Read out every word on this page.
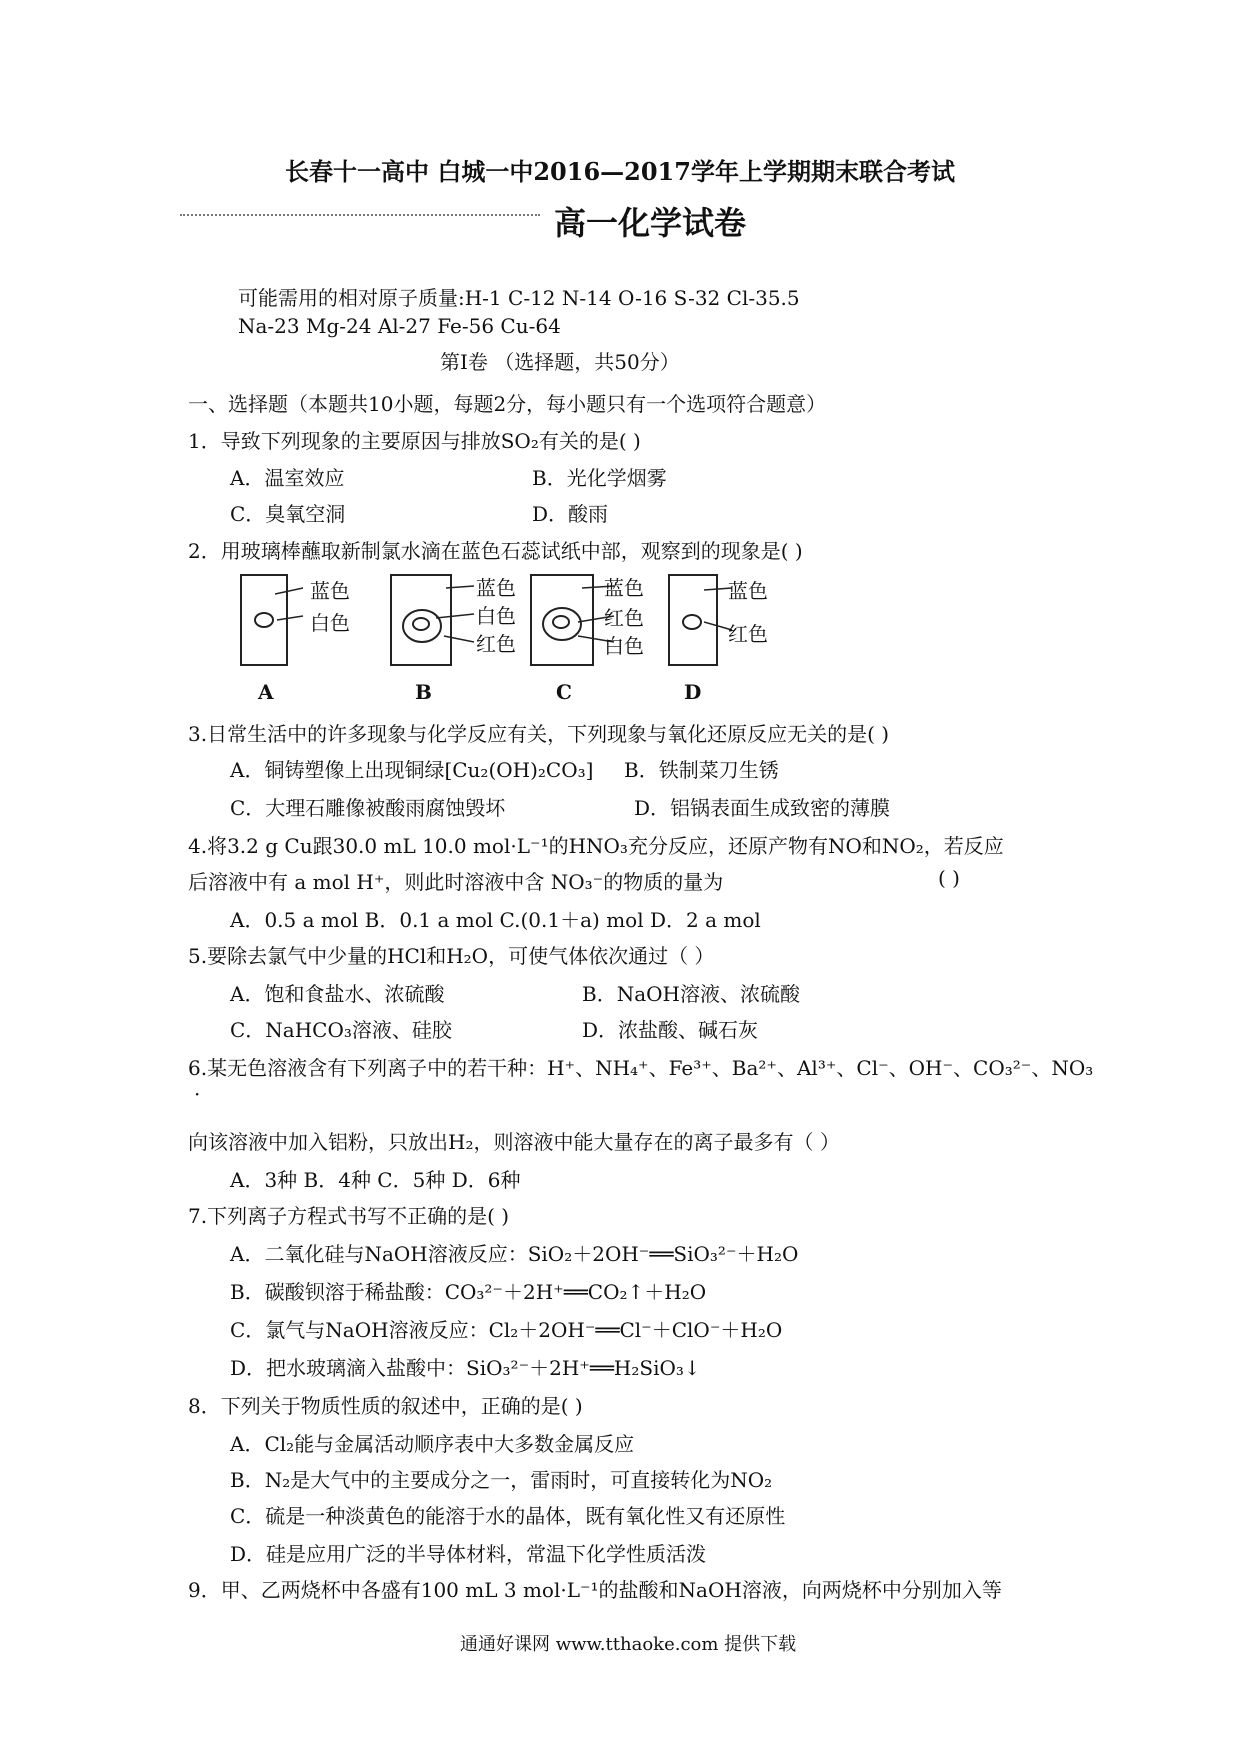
长春十一高中 白城一中2016—2017学年上学期期末联合考试
高一化学试卷
可能需用的相对原子质量:H-1 C-12 N-14 O-16 S-32 Cl-35.5
Na-23 Mg-24 Al-27 Fe-56 Cu-64
第Ⅰ卷 （选择题，共50分）
一、选择题（本题共10小题，每题2分，每小题只有一个选项符合题意）
1．导致下列现象的主要原因与排放SO₂有关的是( )
A．温室效应	B．光化学烟雾
C．臭氧空洞	D．酸雨
2．用玻璃棒蘸取新制氯水滴在蓝色石蕊试纸中部，观察到的现象是( )
蓝色
白色
A
蓝色
白色
红色
B
蓝色
红色
白色
C
蓝色
红色
D
3.日常生活中的许多现象与化学反应有关，下列现象与氧化还原反应无关的是( )
A．铜铸塑像上出现铜绿[Cu₂(OH)₂CO₃] B．铁制菜刀生锈
C．大理石雕像被酸雨腐蚀毁坏	D．铝锅表面生成致密的薄膜
4.将3.2 g Cu跟30.0 mL 10.0 mol·L⁻¹的HNO₃充分反应，还原产物有NO和NO₂，若反应
后溶液中有 a mol H⁺，则此时溶液中含 NO₃⁻的物质的量为	( )
A．0.5 a mol B．0.1 a mol C.(0.1＋a) mol D．2 a mol
5.要除去氯气中少量的HCl和H₂O，可使气体依次通过（ ）
A．饱和食盐水、浓硫酸	B．NaOH溶液、浓硫酸
C．NaHCO₃溶液、硅胶	D．浓盐酸、碱石灰
6.某无色溶液含有下列离子中的若干种：H⁺、NH₄⁺、Fe³⁺、Ba²⁺、Al³⁺、Cl⁻、OH⁻、CO₃²⁻、NO₃
·
向该溶液中加入铝粉，只放出H₂，则溶液中能大量存在的离子最多有（ ）
A．3种 B．4种 C．5种 D．6种
7.下列离子方程式书写不正确的是( )
A．二氧化硅与NaOH溶液反应：SiO₂＋2OH⁻══SiO₃²⁻＋H₂O
B．碳酸钡溶于稀盐酸：CO₃²⁻＋2H⁺══CO₂↑＋H₂O
C．氯气与NaOH溶液反应：Cl₂＋2OH⁻══Cl⁻＋ClO⁻＋H₂O
D．把水玻璃滴入盐酸中：SiO₃²⁻＋2H⁺══H₂SiO₃↓
8．下列关于物质性质的叙述中，正确的是( )
A．Cl₂能与金属活动顺序表中大多数金属反应
B．N₂是大气中的主要成分之一，雷雨时，可直接转化为NO₂
C．硫是一种淡黄色的能溶于水的晶体，既有氧化性又有还原性
D．硅是应用广泛的半导体材料，常温下化学性质活泼
9．甲、乙两烧杯中各盛有100 mL 3 mol·L⁻¹的盐酸和NaOH溶液，向两烧杯中分别加入等
通通好课网 www.tthaoke.com 提供下载
